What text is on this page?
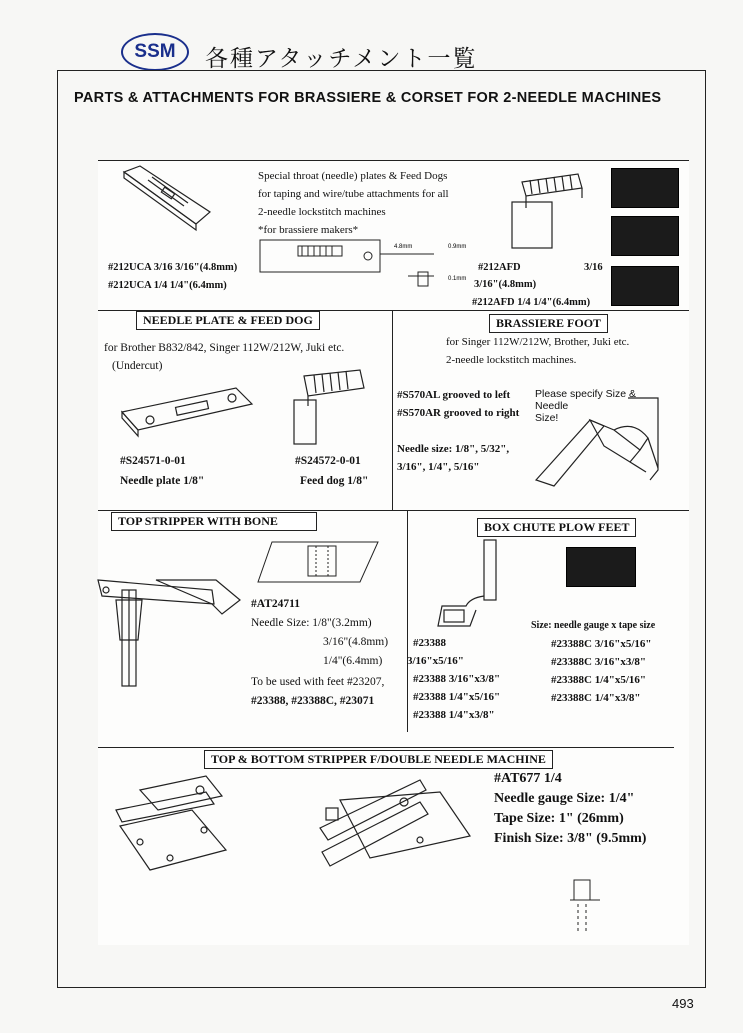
SSM	各種アタッチメント一覧
PARTS & ATTACHMENTS FOR BRASSIERE & CORSET FOR 2-NEEDLE MACHINES
Special throat (needle) plates & Feed Dogs
for taping and wire/tube attachments for all
2-needle lockstitch machines
*for brassiere makers*
4.8mm	0.9mm
0.1mm
#212UCA 3/16 3/16"(4.8mm)
#212UCA 1/4 1/4"(6.4mm)
#212AFD	3/16
3/16"(4.8mm)
#212AFD 1/4 1/4"(6.4mm)
NEEDLE PLATE & FEED DOG
for Brother B832/842, Singer 112W/212W, Juki etc.
(Undercut)
#S24571-0-01
Needle plate 1/8"
#S24572-0-01
Feed dog 1/8"
BRASSIERE FOOT
for Singer 112W/212W, Brother, Juki etc.
2-needle lockstitch machines.
#S570AL grooved to left
#S570AR grooved to right
Please specify Size &
Needle
Size!
Needle size: 1/8", 5/32",
3/16", 1/4", 5/16"
TOP STRIPPER WITH BONE
#AT24711
Needle Size: 1/8"(3.2mm)
3/16"(4.8mm)
1/4"(6.4mm)
To be used with feet #23207,
#23388, #23388C, #23071
BOX CHUTE PLOW FEET
#23388
3/16"x5/16"
#23388 3/16"x3/8"
#23388 1/4"x5/16"
#23388 1/4"x3/8"
Size: needle gauge x tape size
#23388C 3/16"x5/16"
#23388C 3/16"x3/8"
#23388C 1/4"x5/16"
#23388C 1/4"x3/8"
TOP & BOTTOM STRIPPER F/DOUBLE NEEDLE MACHINE
#AT677 1/4
Needle gauge Size: 1/4"
Tape Size: 1" (26mm)
Finish Size: 3/8" (9.5mm)
493
